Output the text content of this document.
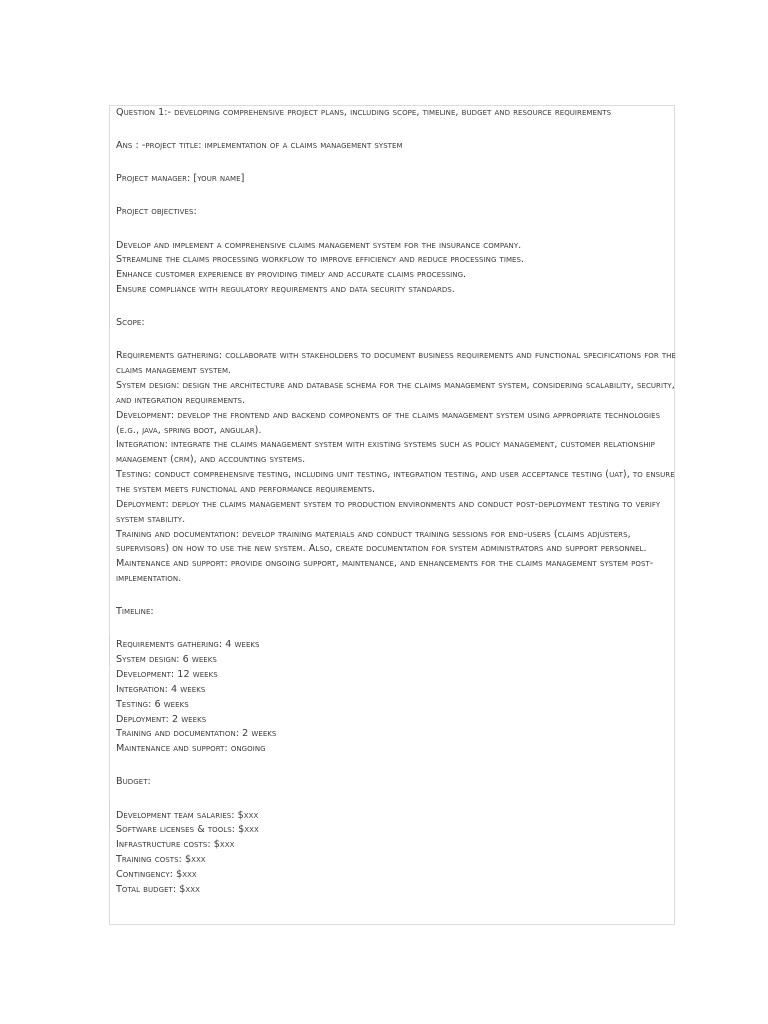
Question 1:- developing comprehensive project plans, including scope, timeline, budget and resource requirements

Ans : -project title: implementation of a claims management system

Project manager: [your name]

Project objectives:

Develop and implement a comprehensive claims management system for the insurance company.

Streamline the claims processing workflow to improve efficiency and reduce processing times.

Enhance customer experience by providing timely and accurate claims processing.

Ensure compliance with regulatory requirements and data security standards.

Scope:

Requirements gathering: collaborate with stakeholders to document business requirements and functional specifications for the claims management system.

System design: design the architecture and database schema for the claims management system, considering scalability, security, and integration requirements.

Development: develop the frontend and backend components of the claims management system using appropriate technologies (e.g., java, spring boot, angular).

Integration: integrate the claims management system with existing systems such as policy management, customer relationship management (crm), and accounting systems.

Testing: conduct comprehensive testing, including unit testing, integration testing, and user acceptance testing (uat), to ensure the system meets functional and performance requirements.

Deployment: deploy the claims management system to production environments and conduct post-deployment testing to verify system stability.

Training and documentation: develop training materials and conduct training sessions for end-users (claims adjusters, supervisors) on how to use the new system. Also, create documentation for system administrators and support personnel.

Maintenance and support: provide ongoing support, maintenance, and enhancements for the claims management system post-implementation.

Timeline:

Requirements gathering: 4 weeks

System design: 6 weeks

Development: 12 weeks

Integration: 4 weeks

Testing: 6 weeks

Deployment: 2 weeks

Training and documentation: 2 weeks

Maintenance and support: ongoing

Budget:

Development team salaries: $xxx

Software licenses & tools: $xxx

Infrastructure costs: $xxx

Training costs: $xxx

Contingency: $xxx

Total budget: $xxx
